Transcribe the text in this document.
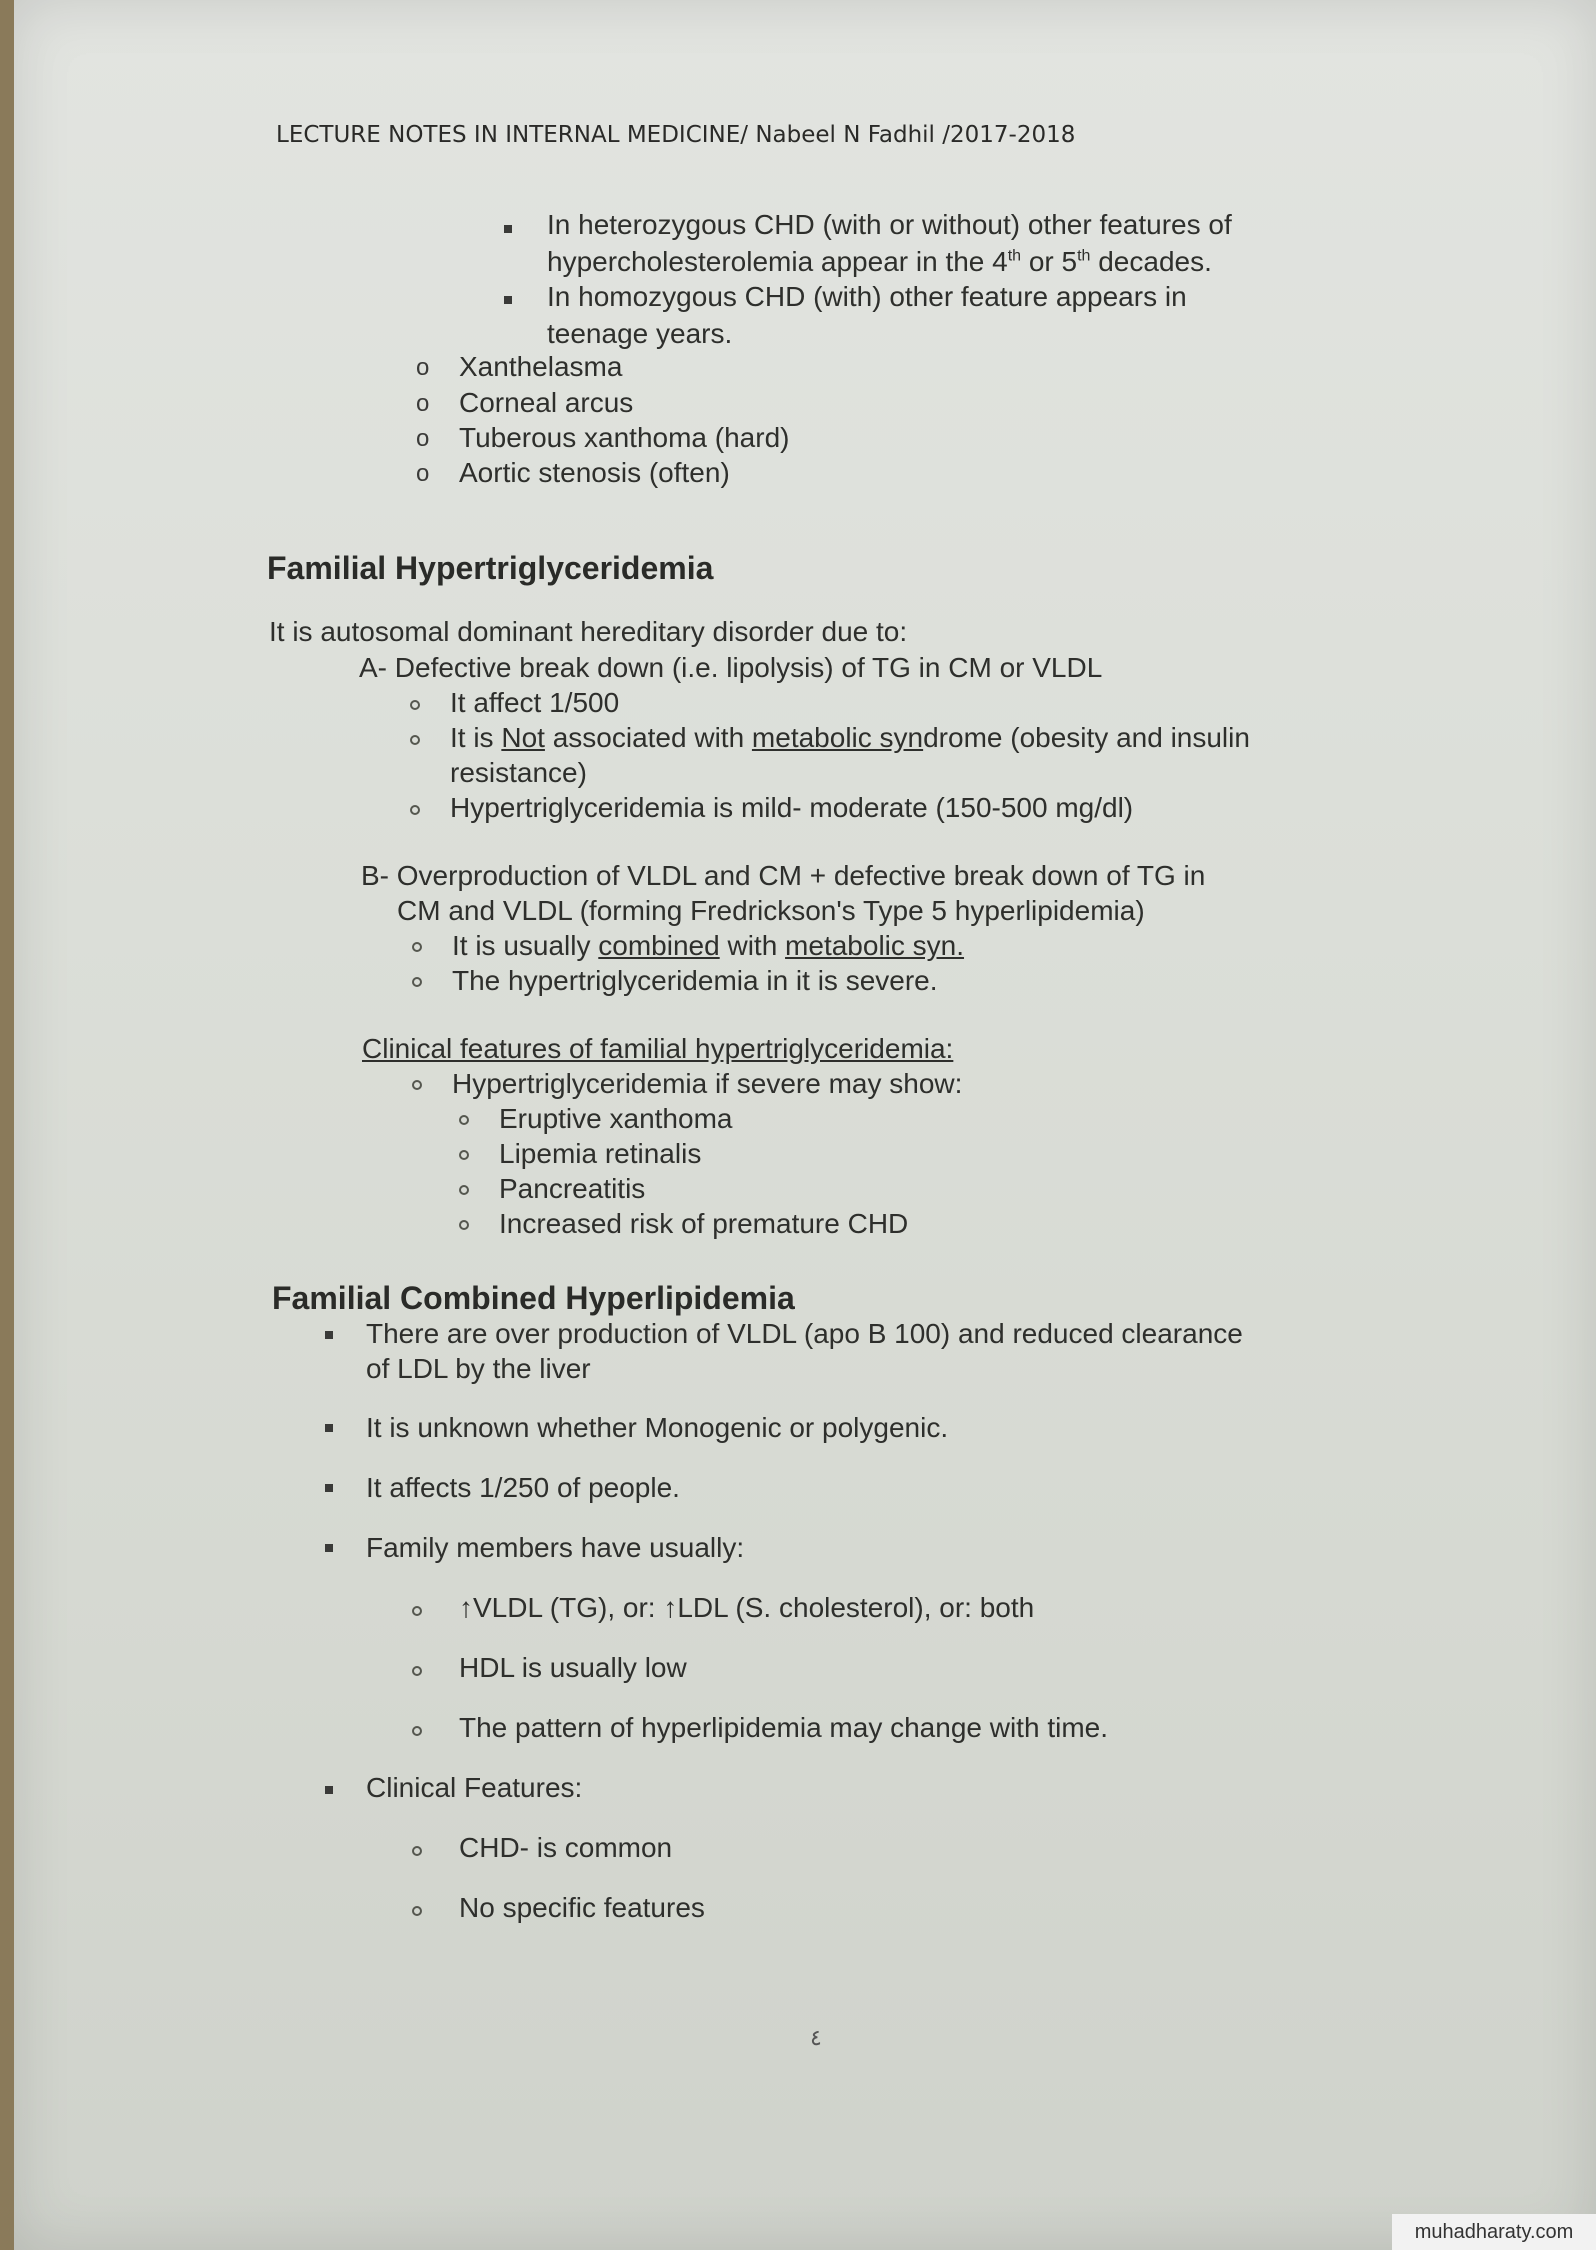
LECTURE NOTES IN INTERNAL MEDICINE/ Nabeel N Fadhil /2017-2018
In heterozygous CHD (with or without) other features of
hypercholesterolemia appear in the 4th or 5th decades.
In homozygous CHD (with) other feature appears in
teenage years.
o Xanthelasma
o Corneal arcus
o Tuberous xanthoma (hard)
o Aortic stenosis (often)
Familial Hypertriglyceridemia
It is autosomal dominant hereditary disorder due to:
A- Defective break down (i.e. lipolysis) of TG in CM or VLDL
It affect 1/500
It is Not associated with metabolic syndrome (obesity and insulin
resistance)
Hypertriglyceridemia is mild- moderate (150-500 mg/dl)
B- Overproduction of VLDL and CM + defective break down of TG in
CM and VLDL (forming Fredrickson's Type 5 hyperlipidemia)
It is usually combined with metabolic syn.
The hypertriglyceridemia in it is severe.
Clinical features of familial hypertriglyceridemia:
Hypertriglyceridemia if severe may show:
Eruptive xanthoma
Lipemia retinalis
Pancreatitis
Increased risk of premature CHD
Familial Combined Hyperlipidemia
There are over production of VLDL (apo B 100) and reduced clearance
of LDL by the liver
It is unknown whether Monogenic or polygenic.
It affects 1/250 of people.
Family members have usually:
↑VLDL (TG), or: ↑LDL (S. cholesterol), or: both
HDL is usually low
The pattern of hyperlipidemia may change with time.
Clinical Features:
CHD- is common
No specific features
٤
muhadharaty.com
